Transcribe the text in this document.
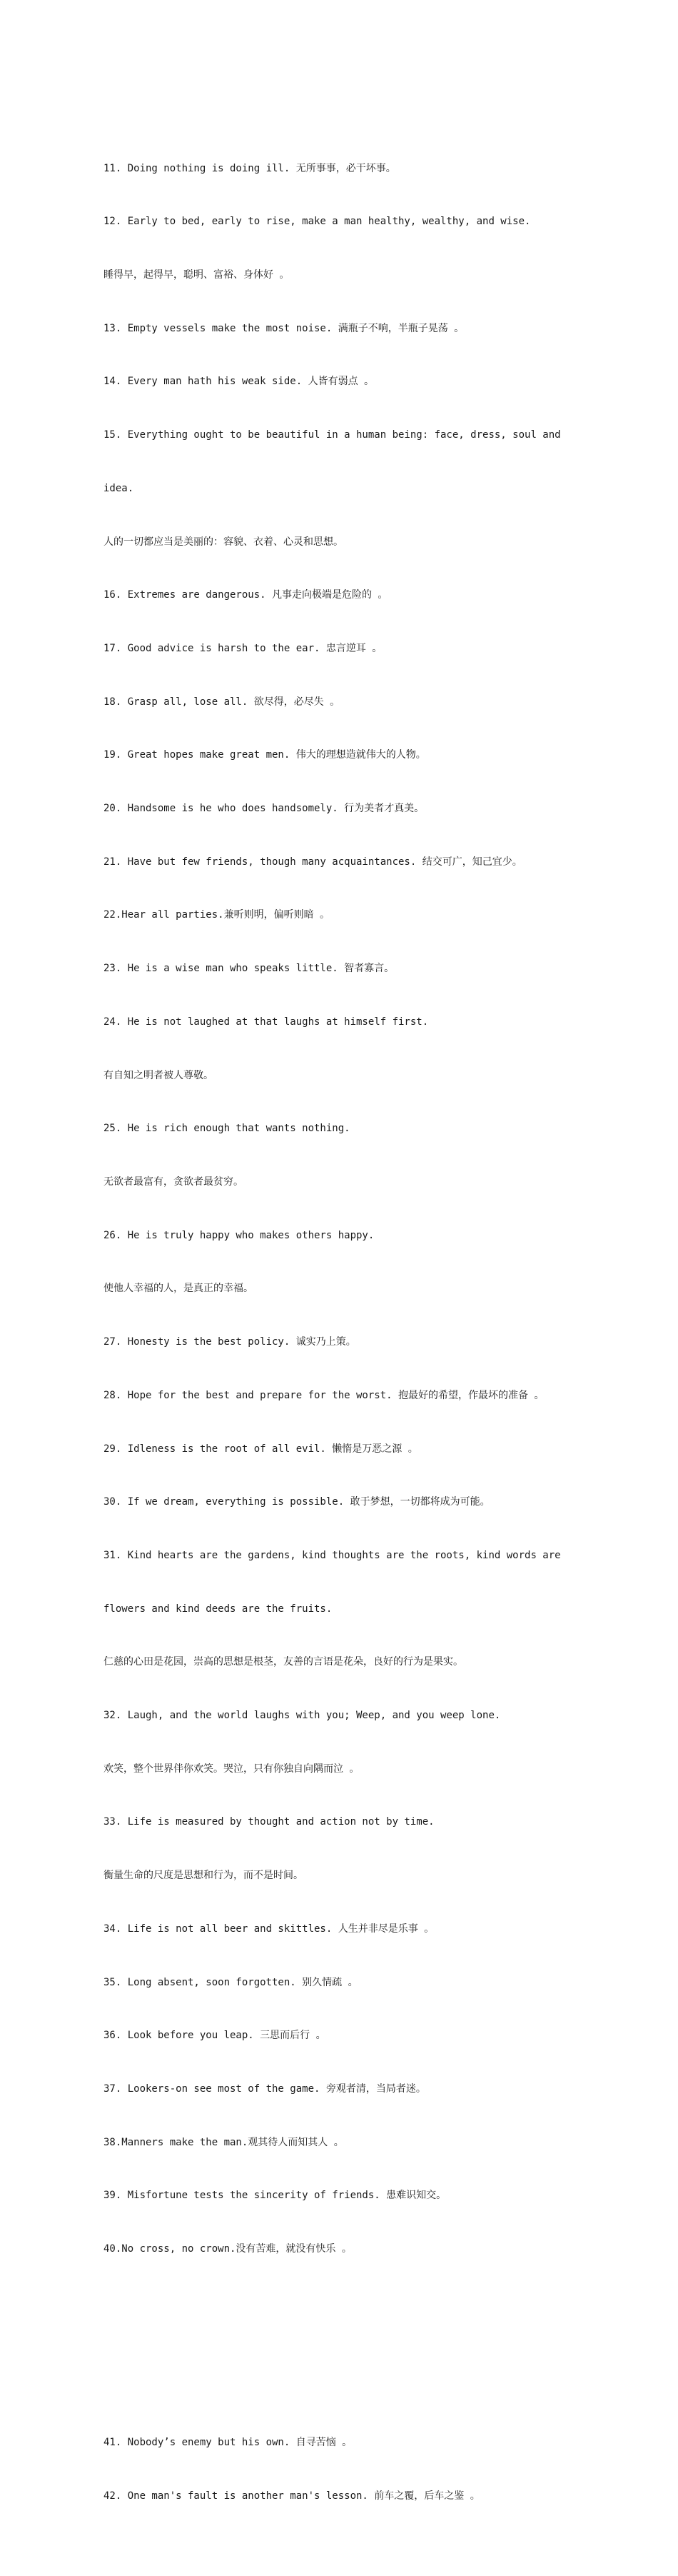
11. Doing nothing is doing ill. 无所事事，必干坏事。

12. Early to bed, early to rise, make a man healthy, wealthy, and wise.

睡得早，起得早，聪明、富裕、身体好 。

13. Empty vessels make the most noise. 满瓶子不响，半瓶子晃荡 。

14. Every man hath his weak side. 人皆有弱点 。

15. Everything ought to be beautiful in a human being: face, dress, soul and

idea.

人的一切都应当是美丽的：容貌、衣着、心灵和思想。

16. Extremes are dangerous. 凡事走向极端是危险的 。

17. Good advice is harsh to the ear. 忠言逆耳 。

18. Grasp all, lose all. 欲尽得，必尽失 。

19. Great hopes make great men. 伟大的理想造就伟大的人物。

20. Handsome is he who does handsomely. 行为美者才真美。

21. Have but few friends, though many acquaintances. 结交可广，知己宜少。

22.Hear all parties.兼听则明，偏听则暗 。

23. He is a wise man who speaks little. 智者寡言。

24. He is not laughed at that laughs at himself first.

有自知之明者被人尊敬。

25. He is rich enough that wants nothing.

无欲者最富有，贪欲者最贫穷。

26. He is truly happy who makes others happy.

使他人幸福的人，是真正的幸福。

27. Honesty is the best policy. 诚实乃上策。

28. Hope for the best and prepare for the worst. 抱最好的希望，作最坏的准备 。

29. Idleness is the root of all evil. 懒惰是万恶之源 。

30. If we dream, everything is possible. 敢于梦想，一切都将成为可能。

31. Kind hearts are the gardens, kind thoughts are the roots, kind words are

flowers and kind deeds are the fruits.

仁慈的心田是花园，崇高的思想是根茎，友善的言语是花朵，良好的行为是果实。

32. Laugh, and the world laughs with you; Weep, and you weep lone.

欢笑，整个世界伴你欢笑。哭泣，只有你独自向隅而泣 。

33. Life is measured by thought and action not by time.

衡量生命的尺度是思想和行为，而不是时间。

34. Life is not all beer and skittles. 人生并非尽是乐事 。

35. Long absent, soon forgotten. 别久情疏 。

36. Look before you leap. 三思而后行 。

37. Lookers-on see most of the game. 旁观者清，当局者迷。

38.Manners make the man.观其待人而知其人 。

39. Misfortune tests the sincerity of friends. 患难识知交。

40.No cross, no crown.没有苦难，就没有快乐 。

41. Nobody’s enemy but his own. 自寻苦恼 。

42. One man's fault is another man's lesson. 前车之覆，后车之鉴 。
